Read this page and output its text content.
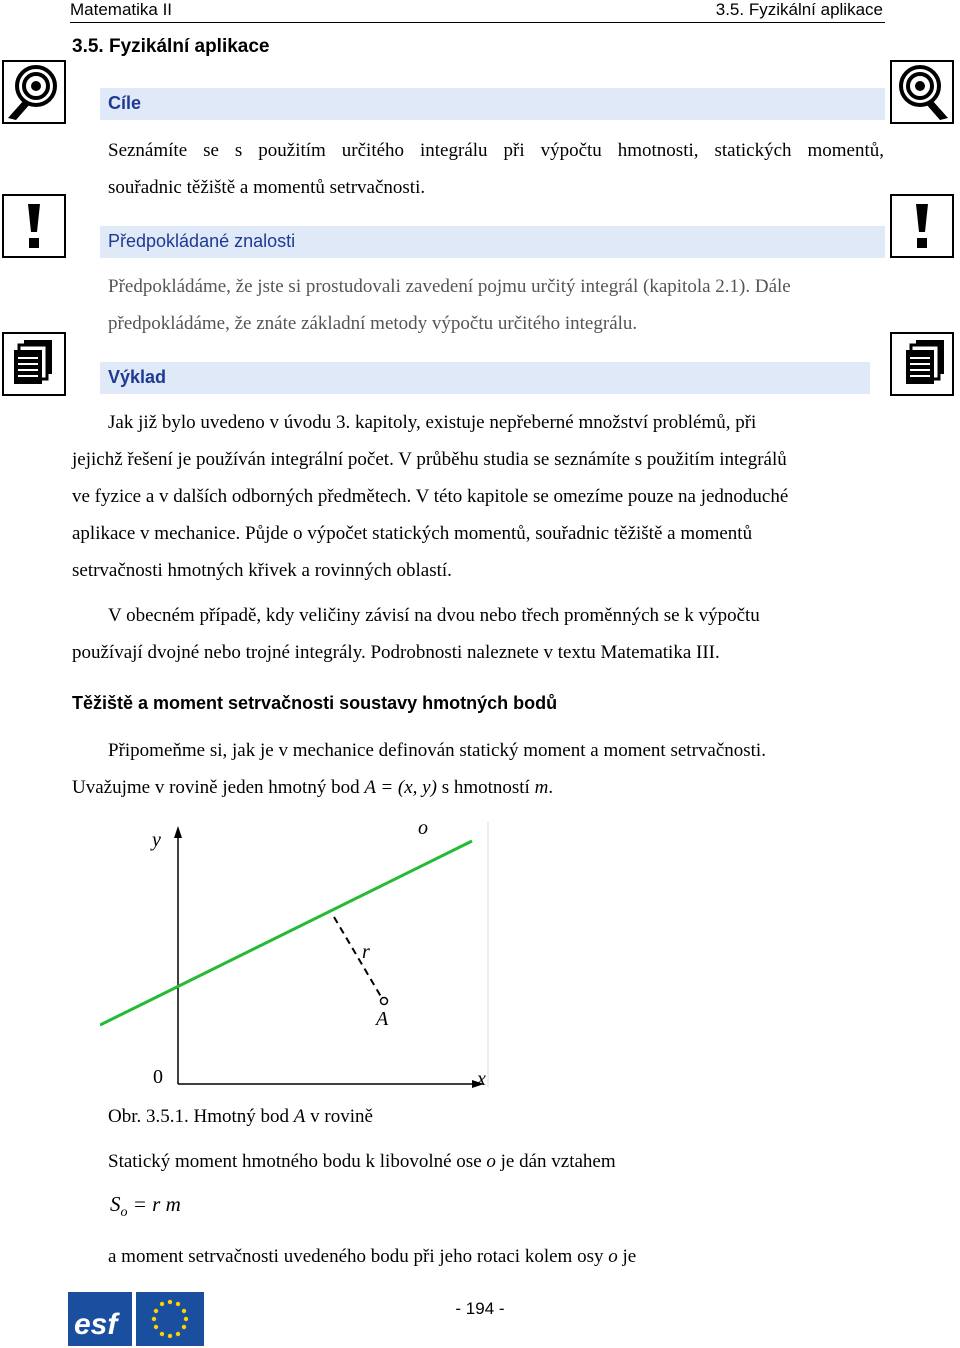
Matematika II	3.5. Fyzikální aplikace
3.5. Fyzikální aplikace
Cíle
Seznámíte se s použitím určitého integrálu při výpočtu hmotnosti, statických momentů,
souřadnic těžiště a momentů setrvačnosti.
Předpokládané znalosti
Předpokládáme, že jste si prostudovali zavedení pojmu určitý integrál (kapitola 2.1). Dále
předpokládáme, že znáte základní metody výpočtu určitého integrálu.
Výklad
Jak již bylo uvedeno v úvodu 3. kapitoly, existuje nepřeberné množství problémů, při
jejichž řešení je používán integrální počet. V průběhu studia se seznámíte s použitím integrálů
ve fyzice a v dalších odborných předmětech. V této kapitole se omezíme pouze na jednoduché
aplikace v mechanice. Půjde o výpočet statických momentů, souřadnic těžiště a momentů
setrvačnosti hmotných křivek a rovinných oblastí.
V obecném případě, kdy veličiny závisí na dvou nebo třech proměnných se k výpočtu
používají dvojné nebo trojné integrály. Podrobnosti naleznete v textu Matematika III.
Těžiště a moment setrvačnosti soustavy hmotných bodů
Připomeňme si, jak je v mechanice definován statický moment a moment setrvačnosti.
Uvažujme v rovině jeden hmotný bod A = (x, y) s hmotností m.
y
o
r
A
0	x
Obr. 3.5.1. Hmotný bod A v rovině
Statický moment hmotného bodu k libovolné ose o je dán vztahem
$S_o = r$ m
a moment setrvačnosti uvedeného bodu při jeho rotaci kolem osy o je
esf	- 194 -
